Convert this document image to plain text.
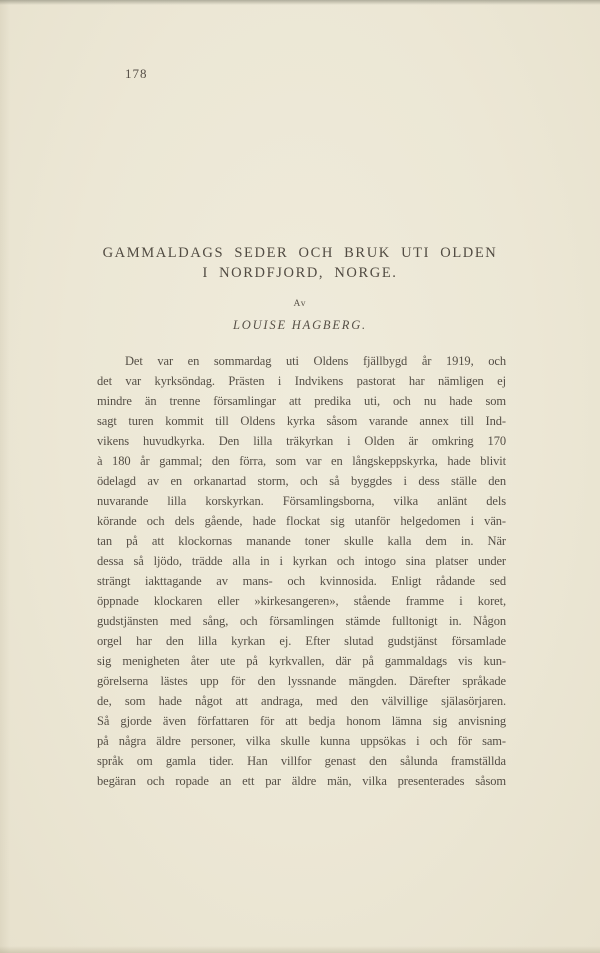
178
GAMMALDAGS SEDER OCH BRUK UTI OLDEN
I NORDFJORD, NORGE.
Av
LOUISE HAGBERG.
Det var en sommardag uti Oldens fjällbygd år 1919, och
det var kyrksöndag. Prästen i Indvikens pastorat har nämligen ej
mindre än trenne församlingar att predika uti, och nu hade som
sagt turen kommit till Oldens kyrka såsom varande annex till Ind-
vikens huvudkyrka. Den lilla träkyrkan i Olden är omkring 170
à 180 år gammal; den förra, som var en långskeppskyrka, hade blivit
ödelagd av en orkanartad storm, och så byggdes i dess ställe den
nuvarande lilla korskyrkan. Församlingsborna, vilka anlänt dels
körande och dels gående, hade flockat sig utanför helgedomen i vän-
tan på att klockornas manande toner skulle kalla dem in. När
dessa så ljödo, trädde alla in i kyrkan och intogo sina platser under
strängt iakttagande av mans- och kvinnosida. Enligt rådande sed
öppnade klockaren eller »kirkesangeren», stående framme i koret,
gudstjänsten med sång, och församlingen stämde fulltonigt in. Någon
orgel har den lilla kyrkan ej. Efter slutad gudstjänst församlade
sig menigheten åter ute på kyrkvallen, där på gammaldags vis kun-
görelserna lästes upp för den lyssnande mängden. Därefter språkade
de, som hade något att andraga, med den välvillige själasörjaren.
Så gjorde även författaren för att bedja honom lämna sig anvisning
på några äldre personer, vilka skulle kunna uppsökas i och för sam-
språk om gamla tider. Han villfor genast den sålunda framställda
begäran och ropade an ett par äldre män, vilka presenterades såsom
